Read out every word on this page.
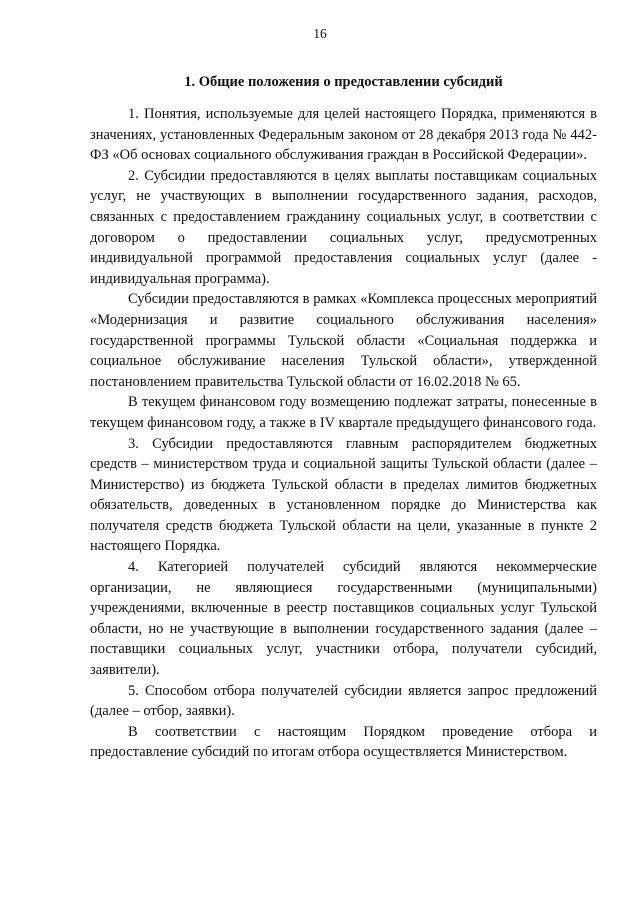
16
1. Общие положения о предоставлении субсидий

1. Понятия, используемые для целей настоящего Порядка, применяются в значениях, установленных Федеральным законом от 28 декабря 2013 года № 442-ФЗ «Об основах социального обслуживания граждан в Российской Федерации».

2. Субсидии предоставляются в целях выплаты поставщикам социальных услуг, не участвующих в выполнении государственного задания, расходов, связанных с предоставлением гражданину социальных услуг, в соответствии с договором о предоставлении социальных услуг, предусмотренных индивидуальной программой предоставления социальных услуг (далее - индивидуальная программа).

Субсидии предоставляются в рамках «Комплекса процессных мероприятий «Модернизация и развитие социального обслуживания населения» государственной программы Тульской области «Социальная поддержка и социальное обслуживание населения Тульской области», утвержденной постановлением правительства Тульской области от 16.02.2018 № 65.

В текущем финансовом году возмещению подлежат затраты, понесенные в текущем финансовом году, а также в IV квартале предыдущего финансового года.

3. Субсидии предоставляются главным распорядителем бюджетных средств – министерством труда и социальной защиты Тульской области (далее – Министерство) из бюджета Тульской области в пределах лимитов бюджетных обязательств, доведенных в установленном порядке до Министерства как получателя средств бюджета Тульской области на цели, указанные в пункте 2 настоящего Порядка.

4. Категорией получателей субсидий являются некоммерческие организации, не являющиеся государственными (муниципальными) учреждениями, включенные в реестр поставщиков социальных услуг Тульской области, но не участвующие в выполнении государственного задания (далее – поставщики социальных услуг, участники отбора, получатели субсидий, заявители).

5. Способом отбора получателей субсидии является запрос предложений (далее – отбор, заявки).

В соответствии с настоящим Порядком проведение отбора и предоставление субсидий по итогам отбора осуществляется Министерством.
